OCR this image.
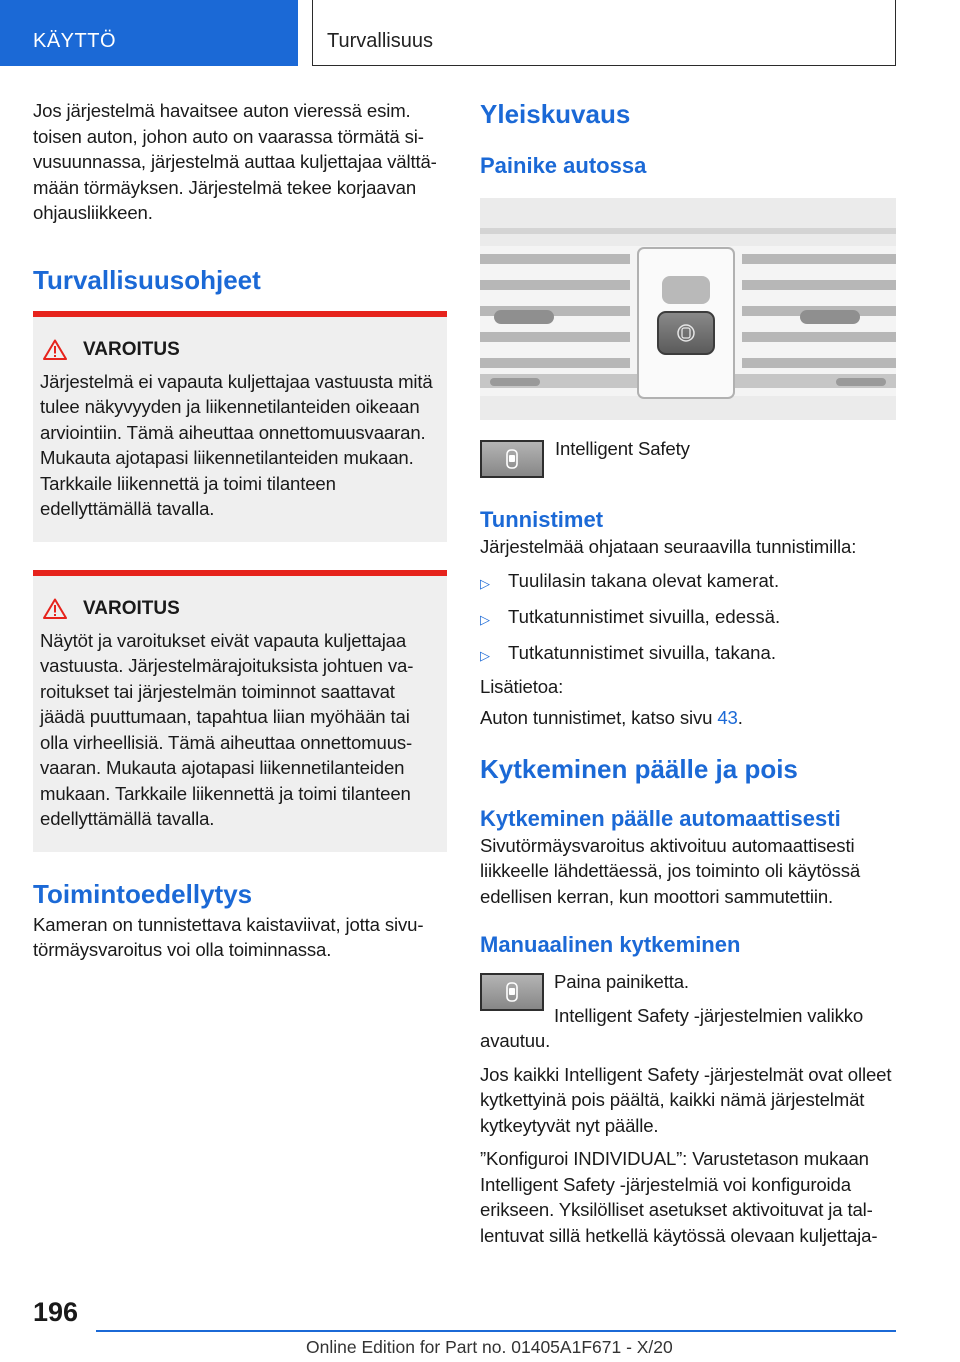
KÄYTTÖ	Turvallisuus

Jos järjestelmä havaitsee auton vieressä esim. toisen auton, johon auto on vaarassa törmätä sivusuunnassa, järjestelmä auttaa kuljettajaa välttämään törmäyksen. Järjestelmä tekee korjaavan ohjausliikkeen.

Turvallisuusohjeet
VAROITUS

Järjestelmä ei vapauta kuljettajaa vastuusta mitä tulee näkyvyyden ja liikennetilanteiden oikeaan arviointiin. Tämä aiheuttaa onnettomuusvaaran. Mukauta ajotapasi liikennetilanteiden mukaan. Tarkkaile liikennettä ja toimi tilanteen edellyttämällä tavalla.

VAROITUS

Näytöt ja varoitukset eivät vapauta kuljettajaa vastuusta. Järjestelmärajoituksista johtuen varoitukset tai järjestelmän toiminnot saattavat jäädä puuttumaan, tapahtua liian myöhään tai olla virheellisiä. Tämä aiheuttaa onnettomuusvaaran. Mukauta ajotapasi liikennetilanteiden mukaan. Tarkkaile liikennettä ja toimi tilanteen edellyttämällä tavalla.

Toimintoedellytys

Kameran on tunnistettava kaistaviivat, jotta sivutörmäysvaroitus voi olla toiminnassa.

Yleiskuvaus
Painike autossa

Intelligent Safety

Tunnistimet

Järjestelmää ohjataan seuraavilla tunnistimilla:

▷ Tuulilasin takana olevat kamerat.
▷ Tutkatunnistimet sivuilla, edessä.
▷ Tutkatunnistimet sivuilla, takana.

Lisätietoa:

Auton tunnistimet, katso sivu 43.

Kytkeminen päälle ja pois
Kytkeminen päälle automaattisesti

Sivutörmäysvaroitus aktivoituu automaattisesti liikkeelle lähdettäessä, jos toiminto oli käytössä edellisen kerran, kun moottori sammutettiin.

Manuaalinen kytkeminen

Paina painiketta.

Intelligent Safety -järjestelmien valikko avautuu.

Jos kaikki Intelligent Safety -järjestelmät ovat olleet kytkettyinä pois päältä, kaikki nämä järjestelmät kytkeytyvät nyt päälle.

”Konfiguroi INDIVIDUAL”: Varustetason mukaan Intelligent Safety -järjestelmiä voi konfiguroida erikseen. Yksilölliset asetukset aktivoituvat ja tallentuvat sillä hetkellä käytössä olevaan kuljettaja-

196
Online Edition for Part no. 01405A1F671 - X/20
